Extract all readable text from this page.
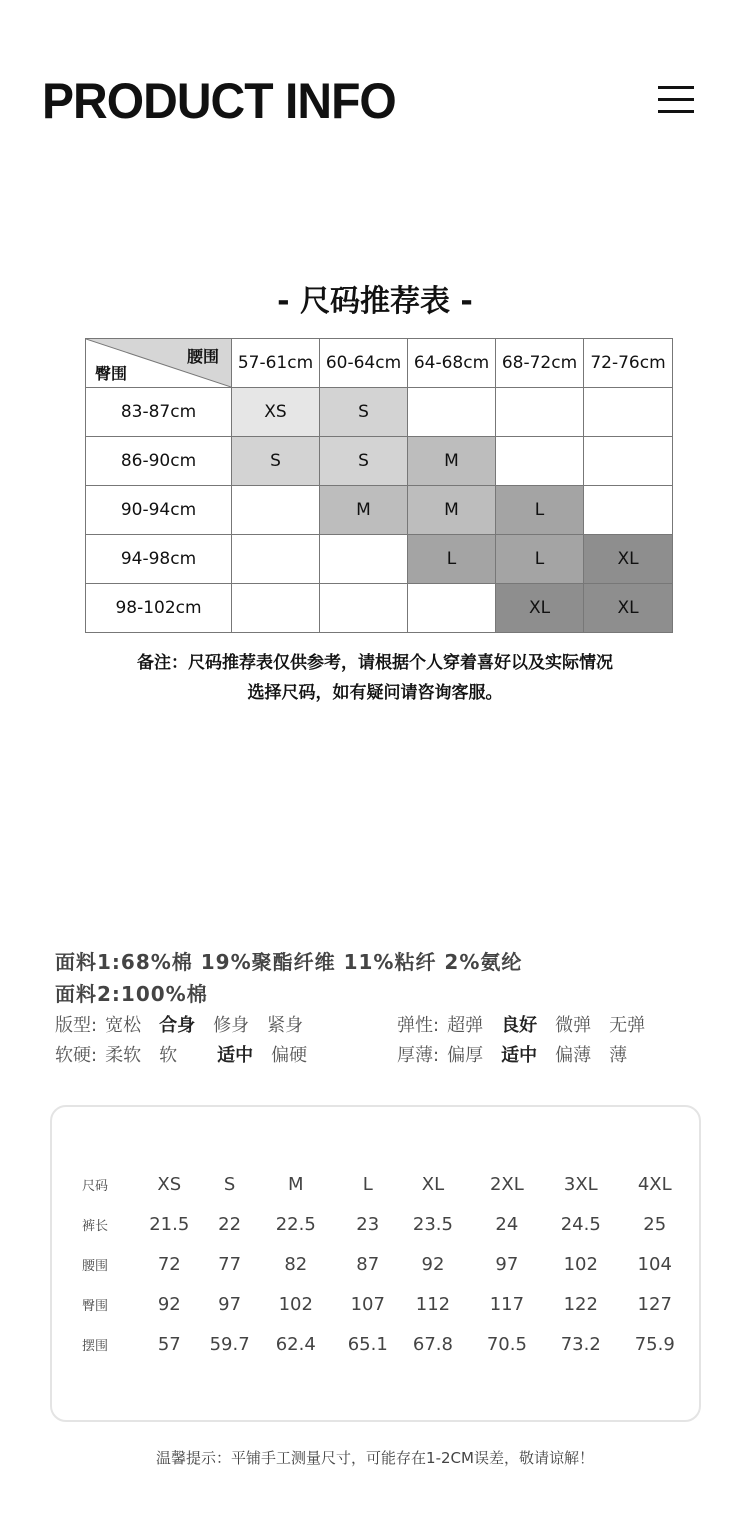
PRODUCT INFO
- 尺码推荐表 -
腰围
臀围	57-61cm	60-64cm	64-68cm	68-72cm	72-76cm
83-87cm	XS	S			
86-90cm	S	S	M		
90-94cm		M	M	L	
94-98cm			L	L	XL
98-102cm				XL	XL
备注：尺码推荐表仅供参考，请根据个人穿着喜好以及实际情况
选择尺码，如有疑问请咨询客服。
面料1:68%棉 19%聚酯纤维 11%粘纤 2%氨纶
面料2:100%棉
版型: 宽松 合身 修身 紧身	弹性: 超弹 良好 微弹 无弹
软硬: 柔软 软 适中 偏硬	厚薄: 偏厚 适中 偏薄 薄
尺码	XS	S	M	L	XL	2XL	3XL	4XL
裤长	21.5	22	22.5	23	23.5	24	24.5	25
腰围	72	77	82	87	92	97	102	104
臀围	92	97	102	107	112	117	122	127
摆围	57	59.7	62.4	65.1	67.8	70.5	73.2	75.9
温馨提示：平铺手工测量尺寸，可能存在1-2CM误差，敬请谅解！
